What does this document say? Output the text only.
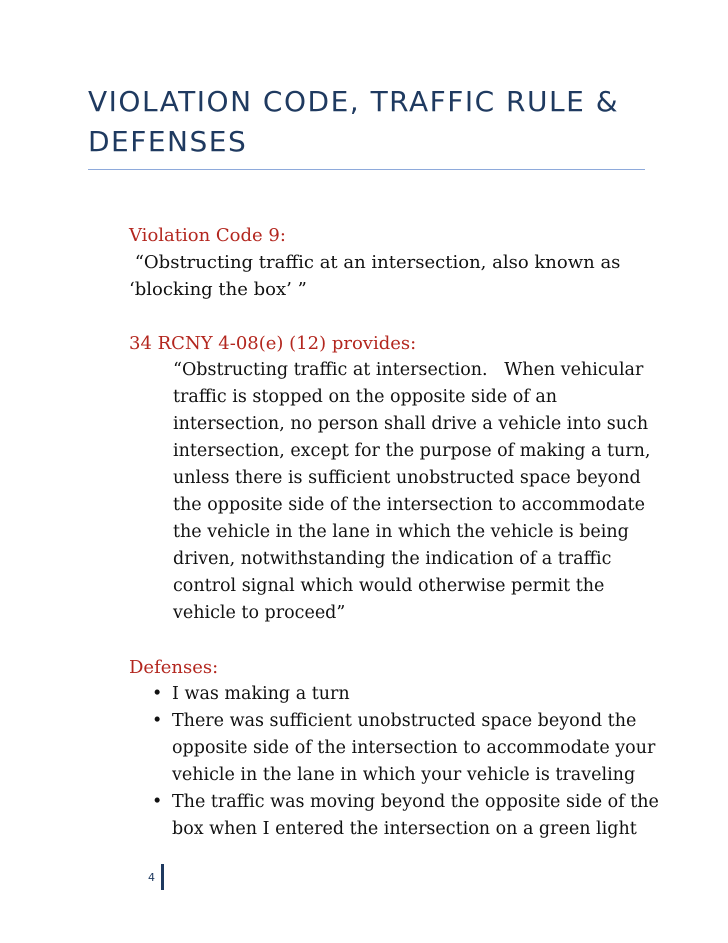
VIOLATION CODE, TRAFFIC RULE & DEFENSES

Violation Code 9:

“Obstructing traffic at an intersection, also known as

‘blocking the box’ ”

34 RCNY 4-08(e) (12) provides:

“Obstructing traffic at intersection.   When vehicular traffic is stopped on the opposite side of an intersection, no person shall drive a vehicle into such intersection, except for the purpose of making a turn, unless there is sufficient unobstructed space beyond the opposite side of the intersection to accommodate the vehicle in the lane in which the vehicle is being driven, notwithstanding the indication of a traffic control signal which would otherwise permit the vehicle to proceed”

Defenses:

• I was making a turn
• There was sufficient unobstructed space beyond the opposite side of the intersection to accommodate your vehicle in the lane in which your vehicle is traveling
• The traffic was moving beyond the opposite side of the box when I entered the intersection on a green light
4
